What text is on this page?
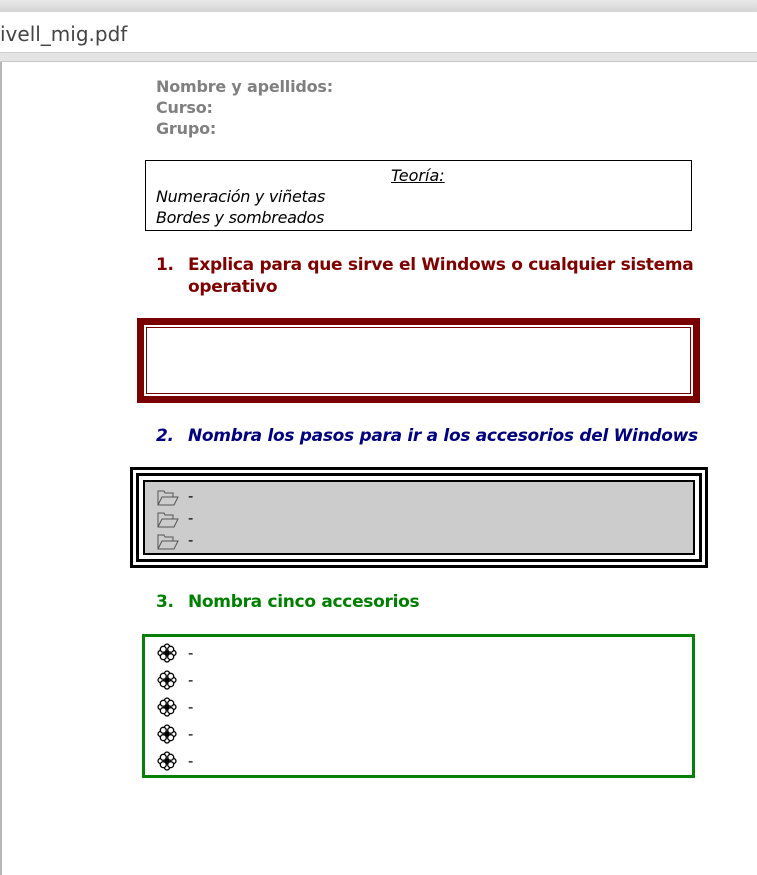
ivell_mig.pdf
Nombre y apellidos:
Curso:
Grupo:
Teoría:
Numeración y viñetas
Bordes y sombreados
1. Explica para que sirve el Windows o cualquier sistema operativo
2. Nombra los pasos para ir a los accesorios del Windows
-
-
-
3. Nombra cinco accesorios
-
-
-
-
-
